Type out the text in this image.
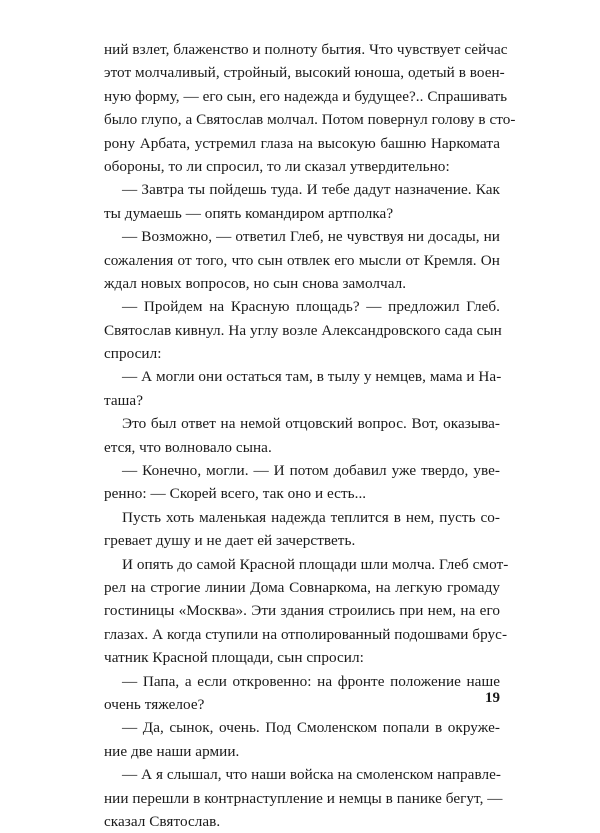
ний взлет, блаженство и полноту бытия. Что чувствует сейчас
этот молчаливый, стройный, высокий юноша, одетый в воен-
ную форму, — его сын, его надежда и будущее?.. Спрашивать
было глупо, а Святослав молчал. Потом повернул голову в сто-
рону Арбата, устремил глаза на высокую башню Наркомата
обороны, то ли спросил, то ли сказал утвердительно:
— Завтра ты пойдешь туда. И тебе дадут назначение. Как
ты думаешь — опять командиром артполка?
— Возможно, — ответил Глеб, не чувствуя ни досады, ни
сожаления от того, что сын отвлек его мысли от Кремля. Он
ждал новых вопросов, но сын снова замолчал.
— Пройдем на Красную площадь? — предложил Глеб.
Святослав кивнул. На углу возле Александровского сада сын
спросил:
— А могли они остаться там, в тылу у немцев, мама и На-
таша?
Это был ответ на немой отцовский вопрос. Вот, оказыва-
ется, что волновало сына.
— Конечно, могли. — И потом добавил уже твердо, уве-
ренно: — Скорей всего, так оно и есть...
Пусть хоть маленькая надежда теплится в нем, пусть со-
гревает душу и не дает ей зачерстветь.
И опять до самой Красной площади шли молча. Глеб смот-
рел на строгие линии Дома Совнаркома, на легкую громаду
гостиницы «Москва». Эти здания строились при нем, на его
глазах. А когда ступили на отполированный подошвами брус-
чатник Красной площади, сын спросил:
— Папа, а если откровенно: на фронте положение наше
очень тяжелое?
— Да, сынок, очень. Под Смоленском попали в окруже-
ние две наши армии.
— А я слышал, что наши войска на смоленском направле-
нии перешли в контрнаступление и немцы в панике бегут, —
сказал Святослав.
19
